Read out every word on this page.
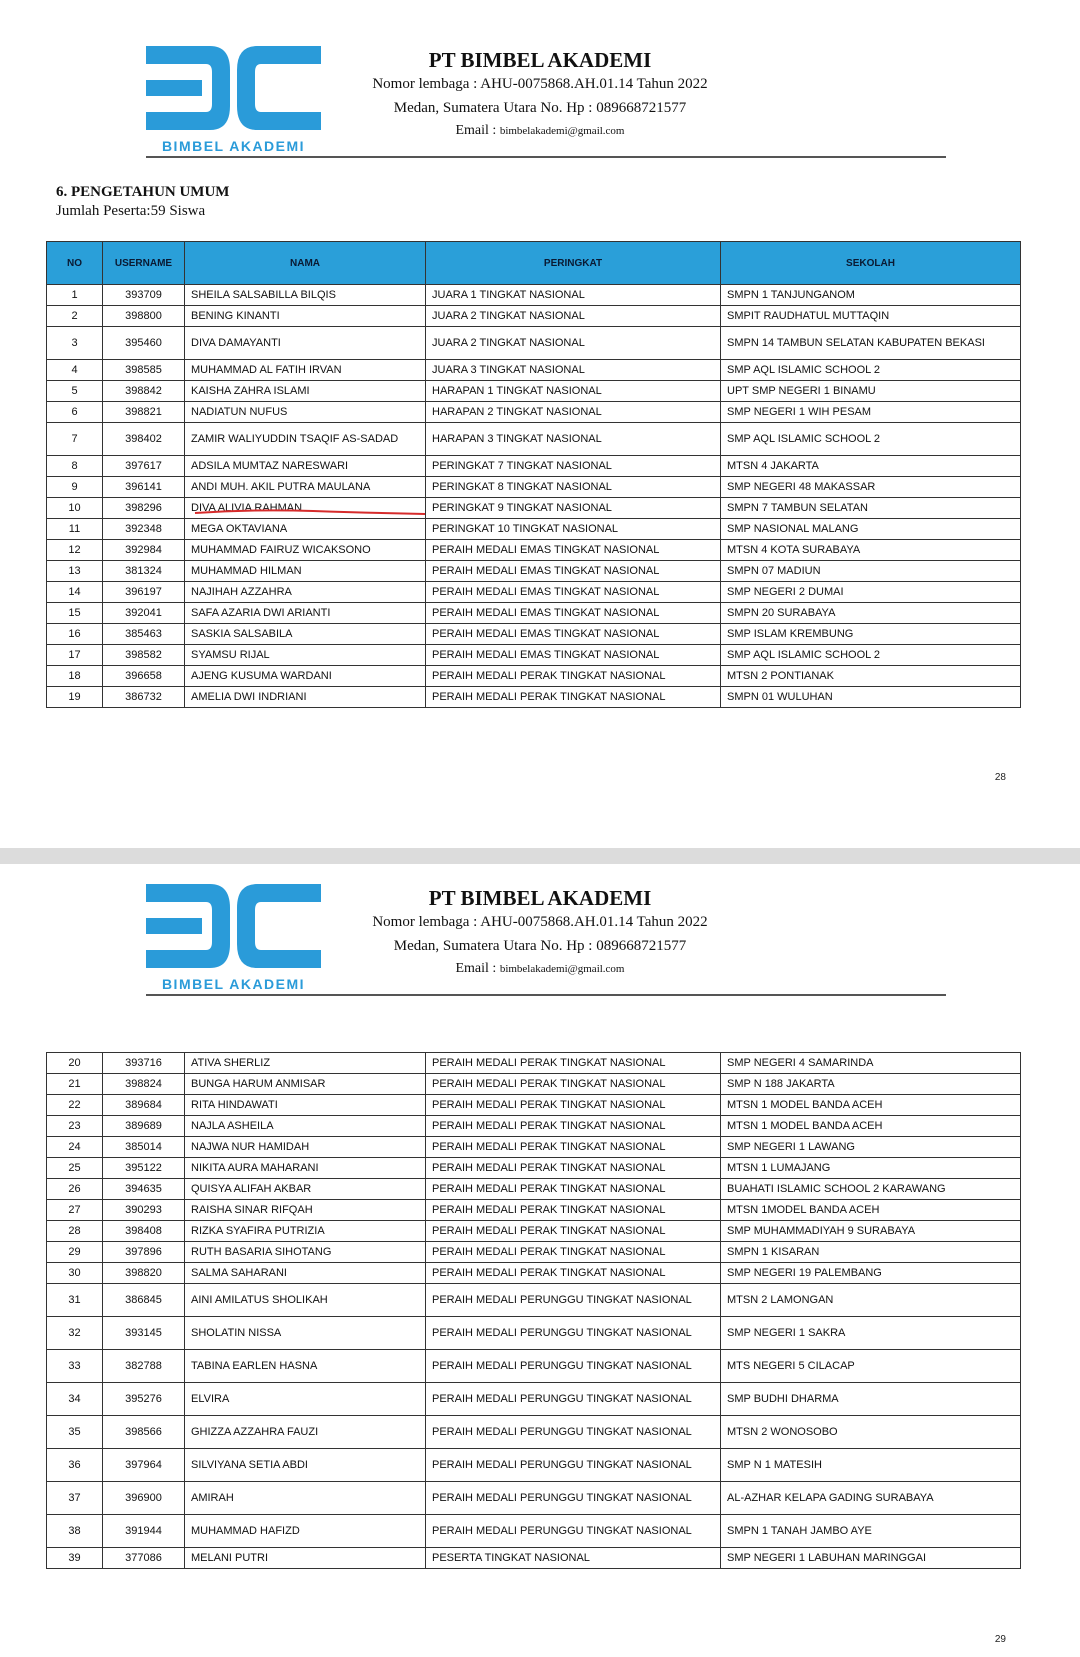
BIMBEL AKADEMI
PT BIMBEL AKADEMI
Nomor lembaga : AHU-0075868.AH.01.14 Tahun 2022
Medan, Sumatera Utara No. Hp : 089668721577
Email : bimbelakademi@gmail.com
6. PENGETAHUN UMUM
Jumlah Peserta:59 Siswa
NO	USERNAME	NAMA	PERINGKAT	SEKOLAH
1	393709	SHEILA SALSABILLA BILQIS	JUARA 1 TINGKAT NASIONAL	SMPN 1 TANJUNGANOM
2	398800	BENING KINANTI	JUARA 2 TINGKAT NASIONAL	SMPIT RAUDHATUL MUTTAQIN
3	395460	DIVA DAMAYANTI	JUARA 2 TINGKAT NASIONAL	SMPN 14 TAMBUN SELATAN KABUPATEN BEKASI
4	398585	MUHAMMAD AL FATIH IRVAN	JUARA 3 TINGKAT NASIONAL	SMP AQL ISLAMIC SCHOOL 2
5	398842	KAISHA ZAHRA ISLAMI	HARAPAN 1 TINGKAT NASIONAL	UPT SMP NEGERI 1 BINAMU
6	398821	NADIATUN NUFUS	HARAPAN 2 TINGKAT NASIONAL	SMP NEGERI 1 WIH PESAM
7	398402	ZAMIR WALIYUDDIN TSAQIF AS-SADAD	HARAPAN 3 TINGKAT NASIONAL	SMP AQL ISLAMIC SCHOOL 2
8	397617	ADSILA MUMTAZ NARESWARI	PERINGKAT 7 TINGKAT NASIONAL	MTSN 4 JAKARTA
9	396141	ANDI MUH. AKIL PUTRA MAULANA	PERINGKAT 8 TINGKAT NASIONAL	SMP NEGERI 48 MAKASSAR
10	398296	DIVA ALIVIA RAHMAN	PERINGKAT 9 TINGKAT NASIONAL	SMPN 7 TAMBUN SELATAN
11	392348	MEGA OKTAVIANA	PERINGKAT 10 TINGKAT NASIONAL	SMP NASIONAL MALANG
12	392984	MUHAMMAD FAIRUZ WICAKSONO	PERAIH MEDALI EMAS TINGKAT NASIONAL	MTSN 4 KOTA SURABAYA
13	381324	MUHAMMAD HILMAN	PERAIH MEDALI EMAS TINGKAT NASIONAL	SMPN 07 MADIUN
14	396197	NAJIHAH AZZAHRA	PERAIH MEDALI EMAS TINGKAT NASIONAL	SMP NEGERI 2 DUMAI
15	392041	SAFA AZARIA DWI ARIANTI	PERAIH MEDALI EMAS TINGKAT NASIONAL	SMPN 20 SURABAYA
16	385463	SASKIA SALSABILA	PERAIH MEDALI EMAS TINGKAT NASIONAL	SMP ISLAM KREMBUNG
17	398582	SYAMSU RIJAL	PERAIH MEDALI EMAS TINGKAT NASIONAL	SMP AQL ISLAMIC SCHOOL 2
18	396658	AJENG KUSUMA WARDANI	PERAIH MEDALI PERAK TINGKAT NASIONAL	MTSN 2 PONTIANAK
19	386732	AMELIA DWI INDRIANI	PERAIH MEDALI PERAK TINGKAT NASIONAL	SMPN 01 WULUHAN
28
BIMBEL AKADEMI
PT BIMBEL AKADEMI
Nomor lembaga : AHU-0075868.AH.01.14 Tahun 2022
Medan, Sumatera Utara No. Hp : 089668721577
Email : bimbelakademi@gmail.com
20	393716	ATIVA SHERLIZ	PERAIH MEDALI PERAK TINGKAT NASIONAL	SMP NEGERI 4 SAMARINDA
21	398824	BUNGA HARUM ANMISAR	PERAIH MEDALI PERAK TINGKAT NASIONAL	SMP N 188 JAKARTA
22	389684	RITA HINDAWATI	PERAIH MEDALI PERAK TINGKAT NASIONAL	MTSN 1 MODEL BANDA ACEH
23	389689	NAJLA ASHEILA	PERAIH MEDALI PERAK TINGKAT NASIONAL	MTSN 1 MODEL BANDA ACEH
24	385014	NAJWA NUR HAMIDAH	PERAIH MEDALI PERAK TINGKAT NASIONAL	SMP NEGERI 1 LAWANG
25	395122	NIKITA AURA MAHARANI	PERAIH MEDALI PERAK TINGKAT NASIONAL	MTSN 1 LUMAJANG
26	394635	QUISYA ALIFAH AKBAR	PERAIH MEDALI PERAK TINGKAT NASIONAL	BUAHATI ISLAMIC SCHOOL 2 KARAWANG
27	390293	RAISHA SINAR RIFQAH	PERAIH MEDALI PERAK TINGKAT NASIONAL	MTSN 1MODEL BANDA ACEH
28	398408	RIZKA SYAFIRA PUTRIZIA	PERAIH MEDALI PERAK TINGKAT NASIONAL	SMP MUHAMMADIYAH 9 SURABAYA
29	397896	RUTH BASARIA SIHOTANG	PERAIH MEDALI PERAK TINGKAT NASIONAL	SMPN 1 KISARAN
30	398820	SALMA SAHARANI	PERAIH MEDALI PERAK TINGKAT NASIONAL	SMP NEGERI 19 PALEMBANG
31	386845	AINI AMILATUS SHOLIKAH	PERAIH MEDALI PERUNGGU TINGKAT NASIONAL	MTSN 2 LAMONGAN
32	393145	SHOLATIN NISSA	PERAIH MEDALI PERUNGGU TINGKAT NASIONAL	SMP NEGERI 1 SAKRA
33	382788	TABINA EARLEN HASNA	PERAIH MEDALI PERUNGGU TINGKAT NASIONAL	MTS NEGERI 5 CILACAP
34	395276	ELVIRA	PERAIH MEDALI PERUNGGU TINGKAT NASIONAL	SMP BUDHI DHARMA
35	398566	GHIZZA AZZAHRA FAUZI	PERAIH MEDALI PERUNGGU TINGKAT NASIONAL	MTSN 2 WONOSOBO
36	397964	SILVIYANA SETIA ABDI	PERAIH MEDALI PERUNGGU TINGKAT NASIONAL	SMP N 1 MATESIH
37	396900	AMIRAH	PERAIH MEDALI PERUNGGU TINGKAT NASIONAL	AL-AZHAR KELAPA GADING SURABAYA
38	391944	MUHAMMAD HAFIZD	PERAIH MEDALI PERUNGGU TINGKAT NASIONAL	SMPN 1 TANAH JAMBO AYE
39	377086	MELANI PUTRI	PESERTA TINGKAT NASIONAL	SMP NEGERI 1 LABUHAN MARINGGAI
29
